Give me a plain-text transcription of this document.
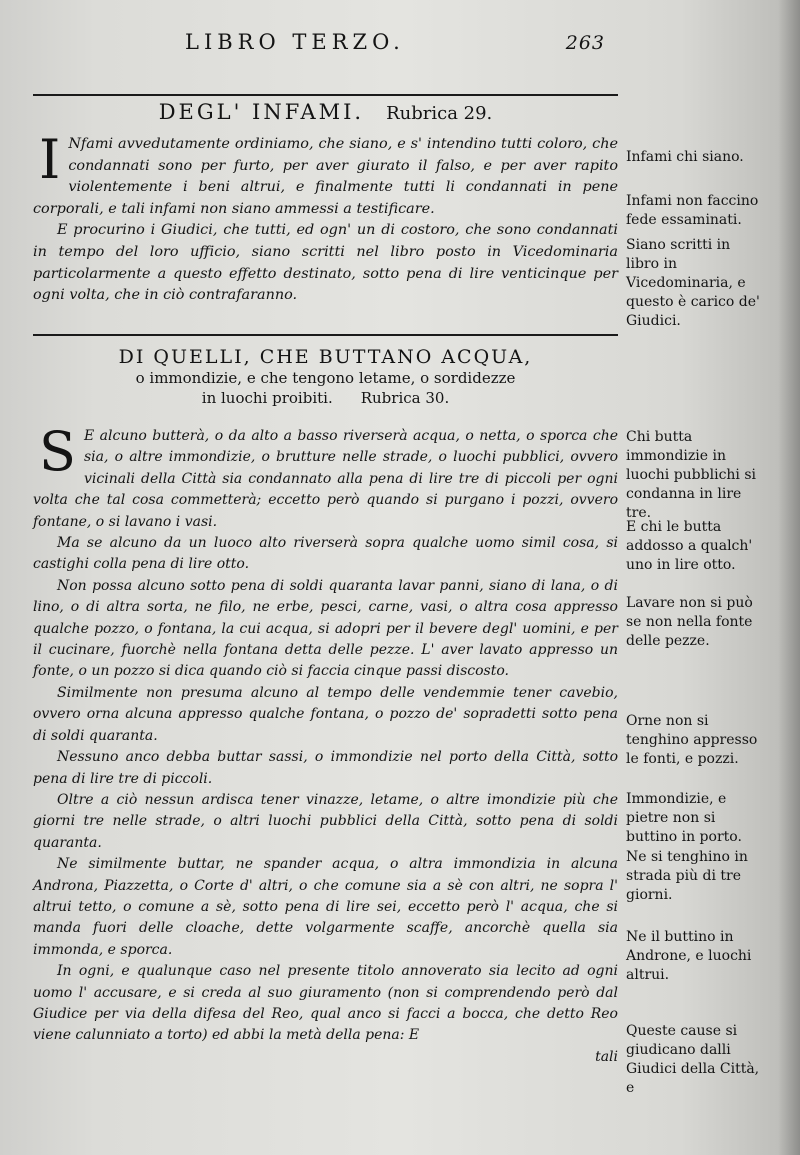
LIBRO TERZO.	263
DEGL' INFAMI. Rubrica 29.

I Nfami avvedutamente ordiniamo, che siano, e s' intendino tutti coloro, che condannati sono per furto, per aver giurato il falso, e per aver rapito violentemente i beni altrui, e finalmente tutti li condannati in pene corporali, e tali infami non siano ammessi a testificare.

E procurino i Giudici, che tutti, ed ogn' un di costoro, che sono condannati in tempo del loro ufficio, siano scritti nel libro posto in Vicedominaria particolarmente a questo effetto destinato, sotto pena di lire venticinque per ogni volta, che in ciò contrafaranno.

DI QUELLI, CHE BUTTANO ACQUA,

o immondizie, e che tengono letame, o sordidezze

in luochi proibiti. Rubrica 30.

S E alcuno butterà, o da alto a basso riverserà acqua, o netta, o sporca che sia, o altre immondizie, o brutture nelle strade, o luochi pubblici, ovvero vicinali della Città sia condannato alla pena di lire tre di piccoli per ogni volta che tal cosa commetterà; eccetto però quando si purgano i pozzi, ovvero fontane, o si lavano i vasi.

Ma se alcuno da un luoco alto riverserà sopra qualche uomo simil cosa, si castighi colla pena di lire otto.

Non possa alcuno sotto pena di soldi quaranta lavar panni, siano di lana, o di lino, o di altra sorta, ne filo, ne erbe, pesci, carne, vasi, o altra cosa appresso qualche pozzo, o fontana, la cui acqua, si adopri per il bevere degl' uomini, e per il cucinare, fuorchè nella fontana detta delle pezze. L' aver lavato appresso un fonte, o un pozzo si dica quando ciò si faccia cinque passi discosto.

Similmente non presuma alcuno al tempo delle vendemmie tener cavebio, ovvero orna alcuna appresso qualche fontana, o pozzo de' sopradetti sotto pena di soldi quaranta.

Nessuno anco debba buttar sassi, o immondizie nel porto della Città, sotto pena di lire tre di piccoli.

Oltre a ciò nessun ardisca tener vinazze, letame, o altre imondizie più che giorni tre nelle strade, o altri luochi pubblici della Città, sotto pena di soldi quaranta.

Ne similmente buttar, ne spander acqua, o altra immondizia in alcuna Androna, Piazzetta, o Corte d' altri, o che comune sia a sè con altri, ne sopra l' altrui tetto, o comune a sè, sotto pena di lire sei, eccetto però l' acqua, che si manda fuori delle cloache, dette volgarmente scaffe, ancorchè quella sia immonda, e sporca.

In ogni, e qualunque caso nel presente titolo annoverato sia lecito ad ogni uomo l' accusare, e si creda al suo giuramento (non si comprendendo però dal Giudice per via della difesa del Reo, qual anco si facci a bocca, che detto Reo viene calunniato a torto) ed abbi la metà della pena: E

tali

Infami chi siano.

Infami non faccino fede essaminati.

Siano scritti in libro in Vicedominaria, e questo è carico de' Giudici.

Chi butta immondizie in luochi pubblichi si condanna in lire tre.

E chi le butta addosso a qualch' uno in lire otto.

Lavare non si può se non nella fonte delle pezze.

Orne non si tenghino appresso le fonti, e pozzi.

Immondizie, e pietre non si buttino in porto.

Ne si tenghino in strada più di tre giorni.

Ne il buttino in Androne, e luochi altrui.

Queste cause si giudicano dalli Giudici della Città, e
